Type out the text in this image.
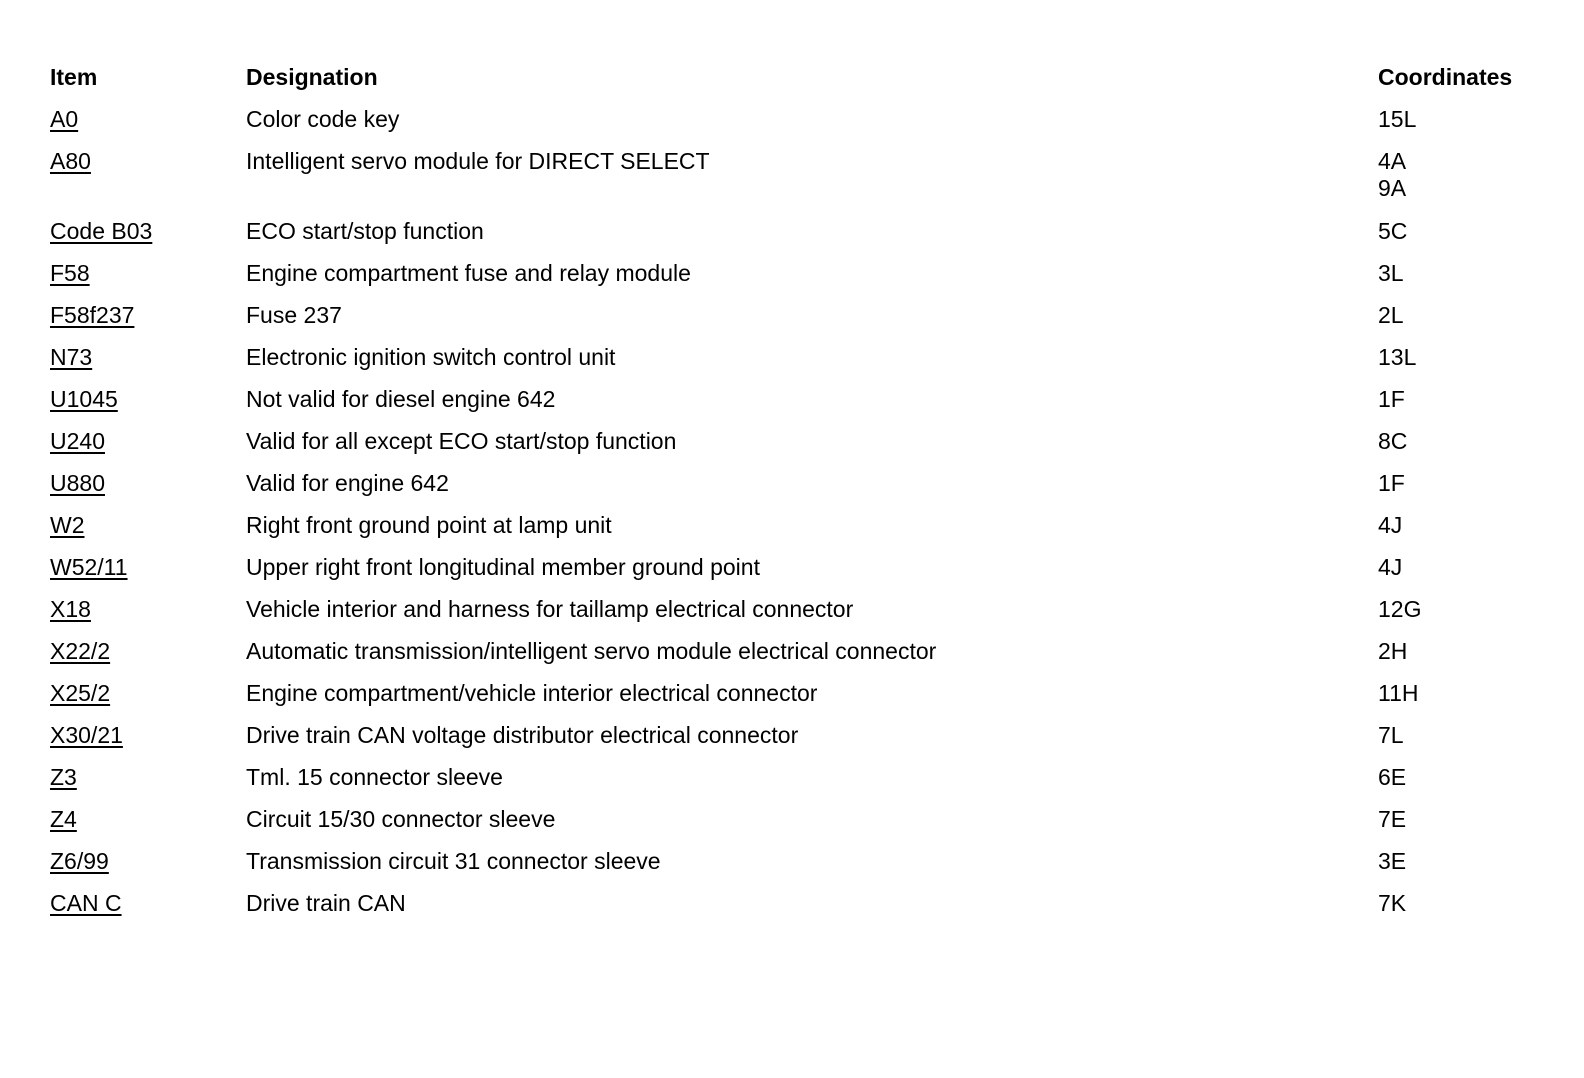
Item	Designation	Coordinates
A0	Color code key	15L
A80	Intelligent servo module for DIRECT SELECT	4A
9A
Code B03	ECO start/stop function	5C
F58	Engine compartment fuse and relay module	3L
F58f237	Fuse 237	2L
N73	Electronic ignition switch control unit	13L
U1045	Not valid for diesel engine 642	1F
U240	Valid for all except ECO start/stop function	8C
U880	Valid for engine 642	1F
W2	Right front ground point at lamp unit	4J
W52/11	Upper right front longitudinal member ground point	4J
X18	Vehicle interior and harness for taillamp electrical connector	12G
X22/2	Automatic transmission/intelligent servo module electrical connector	2H
X25/2	Engine compartment/vehicle interior electrical connector	11H
X30/21	Drive train CAN voltage distributor electrical connector	7L
Z3	Tml. 15 connector sleeve	6E
Z4	Circuit 15/30 connector sleeve	7E
Z6/99	Transmission circuit 31 connector sleeve	3E
CAN C	Drive train CAN	7K
